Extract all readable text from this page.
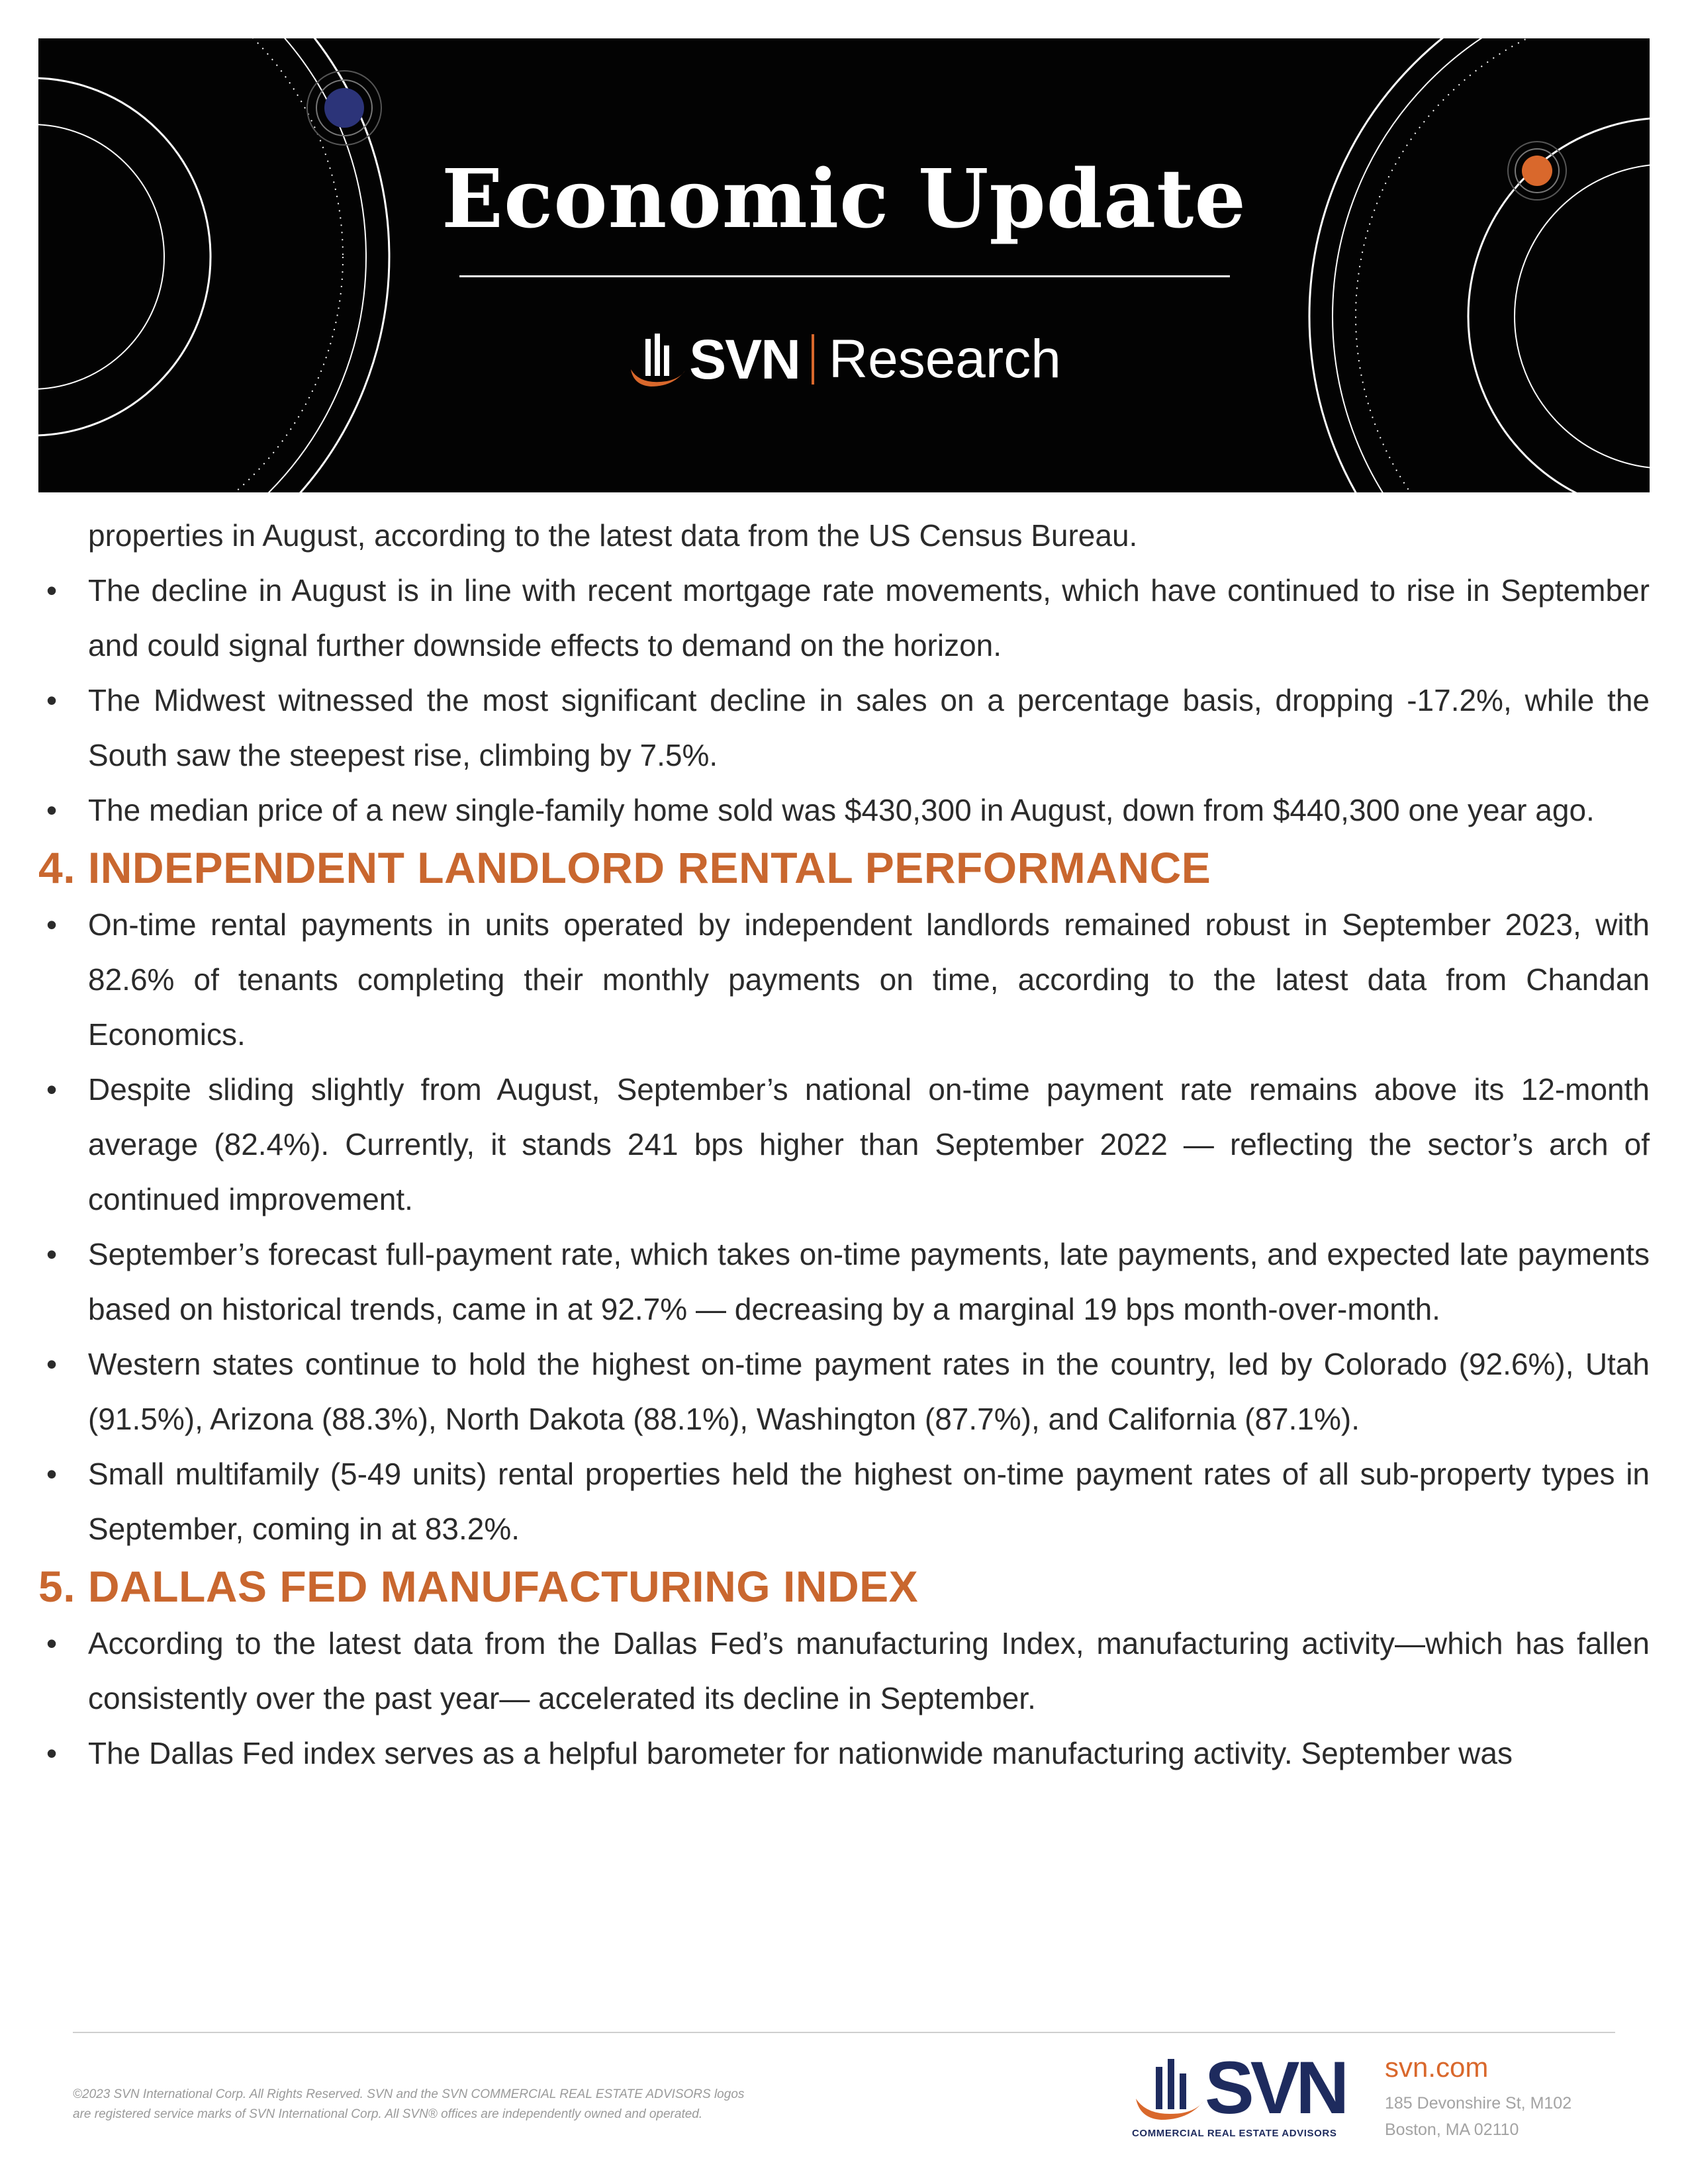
Economic Update
SVN Research

properties in August, according to the latest data from the US Census Bureau.

• The decline in August is in line with recent mortgage rate movements, which have continued to rise in September and could signal further downside effects to demand on the horizon.
• The Midwest witnessed the most significant decline in sales on a percentage basis, dropping -17.2%, while the South saw the steepest rise, climbing by 7.5%.
• The median price of a new single-family home sold was $430,300 in August, down from $440,300 one year ago.
4. INDEPENDENT LANDLORD RENTAL PERFORMANCE
• On-time rental payments in units operated by independent landlords remained robust in September 2023, with 82.6% of tenants completing their monthly payments on time, according to the latest data from Chandan Economics.
• Despite sliding slightly from August, September’s national on-time payment rate remains above its 12-month average (82.4%). Currently, it stands 241 bps higher than September 2022 — reflecting the sector’s arch of continued improvement.
• September’s forecast full-payment rate, which takes on-time payments, late payments, and expected late payments based on historical trends, came in at 92.7% — decreasing by a marginal 19 bps month-over-month.
• Western states continue to hold the highest on-time payment rates in the country, led by Colorado (92.6%), Utah (91.5%), Arizona (88.3%), North Dakota (88.1%), Washington (87.7%), and California (87.1%).
• Small multifamily (5-49 units) rental properties held the highest on-time payment rates of all sub-property types in September, coming in at 83.2%.
5. DALLAS FED MANUFACTURING INDEX
• According to the latest data from the Dallas Fed’s manufacturing Index, manufacturing activity—which has fallen consistently over the past year— accelerated its decline in September.
• The Dallas Fed index serves as a helpful barometer for nationwide manufacturing activity. September was
©2023 SVN International Corp. All Rights Reserved. SVN and the SVN COMMERCIAL REAL ESTATE ADVISORS logos
are registered service marks of SVN International Corp. All SVN® offices are independently owned and operated.	SVN
COMMERCIAL REAL ESTATE ADVISORS
svn.com
185 Devonshire St, M102
Boston, MA 02110
